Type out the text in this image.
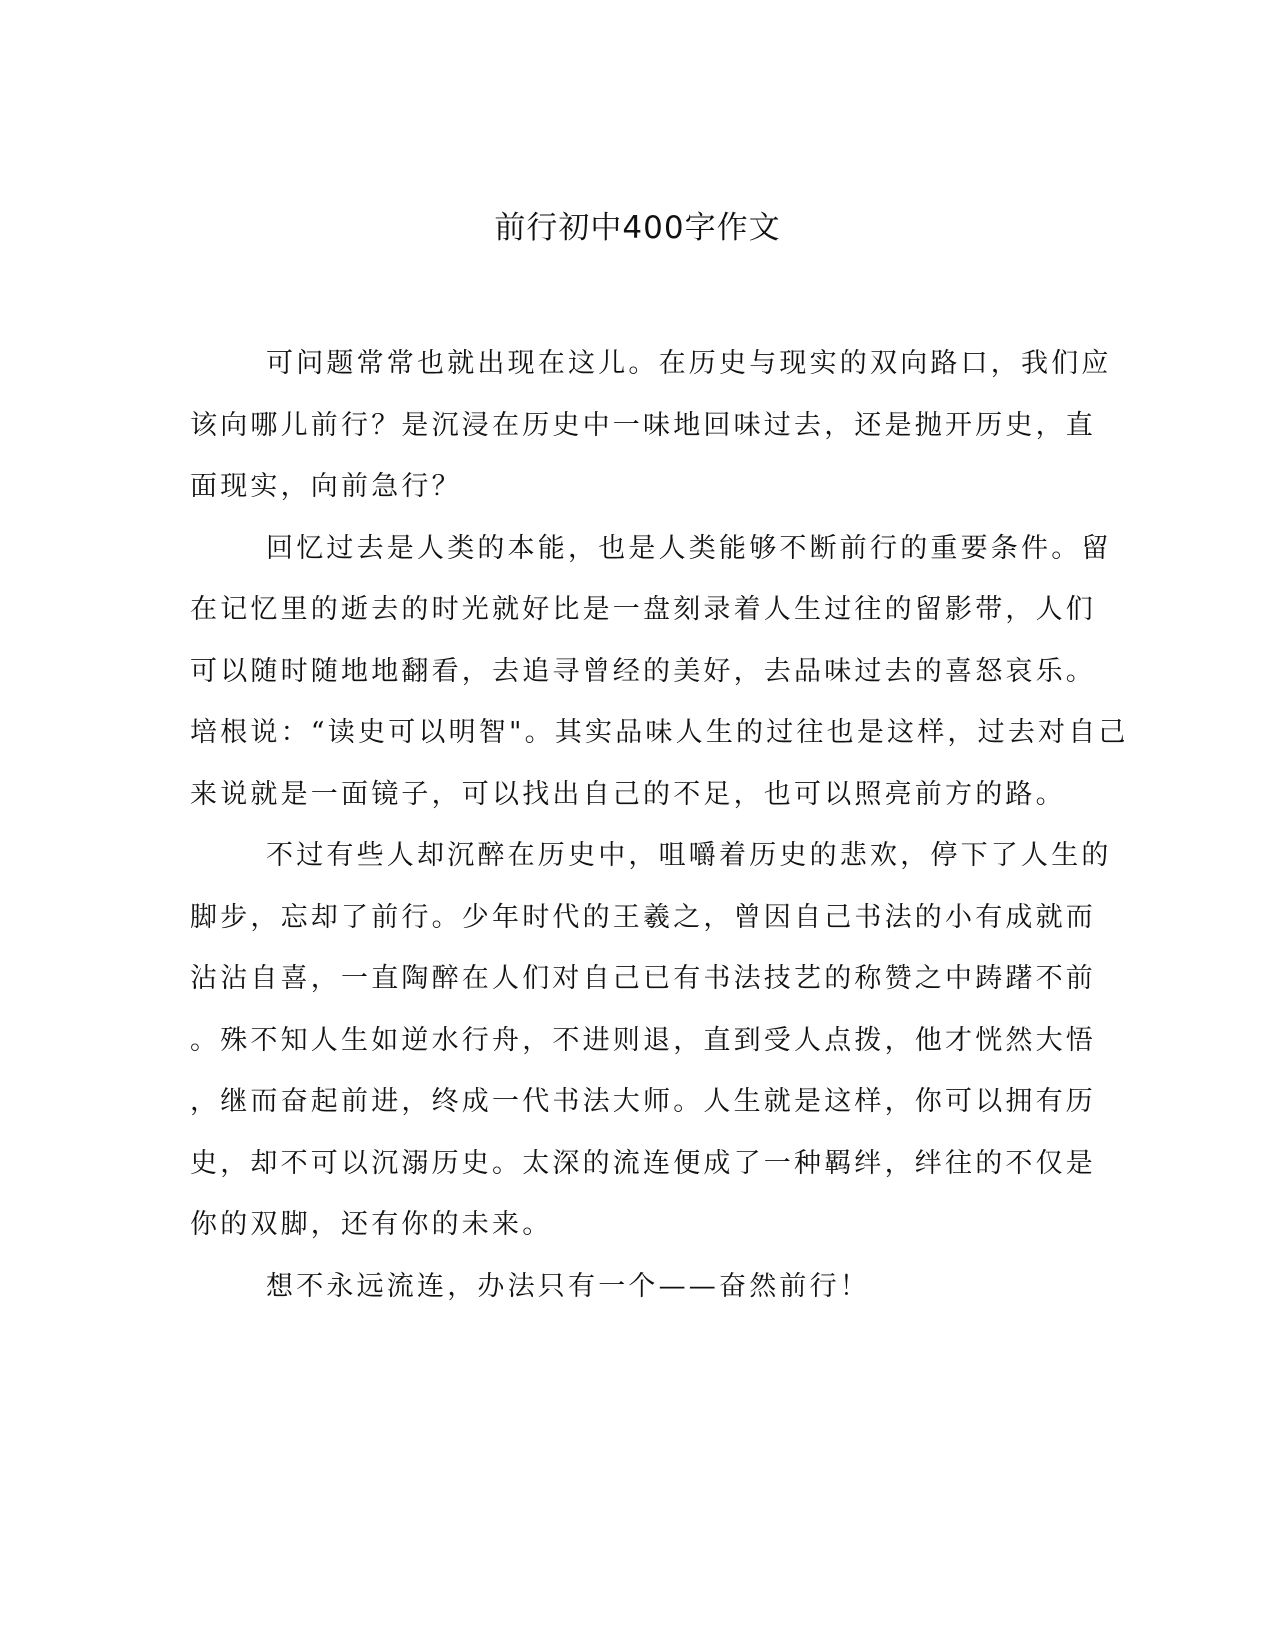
前行初中400字作文
可问题常常也就出现在这儿。在历史与现实的双向路口，我们应
该向哪儿前行？是沉浸在历史中一味地回味过去，还是抛开历史，直
面现实，向前急行？
回忆过去是人类的本能，也是人类能够不断前行的重要条件。留
在记忆里的逝去的时光就好比是一盘刻录着人生过往的留影带，人们
可以随时随地地翻看，去追寻曾经的美好，去品味过去的喜怒哀乐。
培根说：“读史可以明智"。其实品味人生的过往也是这样，过去对自己
来说就是一面镜子，可以找出自己的不足，也可以照亮前方的路。
不过有些人却沉醉在历史中，咀嚼着历史的悲欢，停下了人生的
脚步，忘却了前行。少年时代的王羲之，曾因自己书法的小有成就而
沾沾自喜，一直陶醉在人们对自己已有书法技艺的称赞之中踌躇不前
。殊不知人生如逆水行舟，不进则退，直到受人点拨，他才恍然大悟
，继而奋起前进，终成一代书法大师。人生就是这样，你可以拥有历
史，却不可以沉溺历史。太深的流连便成了一种羁绊，绊往的不仅是
你的双脚，还有你的未来。
想不永远流连，办法只有一个——奋然前行！
